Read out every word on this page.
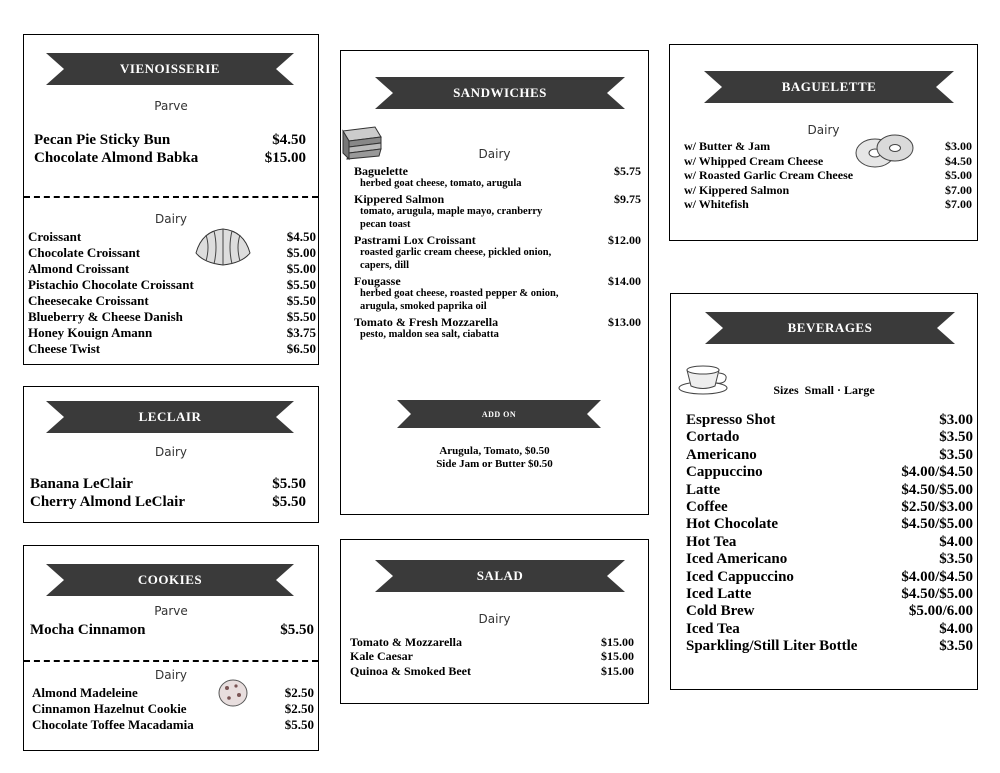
VIENOISSERIE
Parve
Pecan Pie Sticky Bun	$4.50
Chocolate Almond Babka	$15.00
Dairy
Croissant	$4.50
Chocolate Croissant	$5.00
Almond Croissant	$5.00
Pistachio Chocolate Croissant	$5.50
Cheesecake Croissant	$5.50
Blueberry & Cheese Danish	$5.50
Honey Kouign Amann	$3.75
Cheese Twist	$6.50
LECLAIR
Dairy
Banana LeClair	$5.50
Cherry Almond LeClair	$5.50
COOKIES
Parve
Mocha Cinnamon	$5.50
Dairy
Almond Madeleine	$2.50
Cinnamon Hazelnut Cookie	$2.50
Chocolate Toffee Macadamia	$5.50
SANDWICHES
Dairy
Baguelette	$5.75
herbed goat cheese, tomato, arugula
Kippered Salmon	$9.75
tomato, arugula, maple mayo, cranberry
pecan toast
Pastrami Lox Croissant	$12.00
roasted garlic cream cheese, pickled onion,
capers, dill
Fougasse	$14.00
herbed goat cheese, roasted pepper & onion,
arugula, smoked paprika oil
Tomato & Fresh Mozzarella	$13.00
pesto, maldon sea salt, ciabatta
ADD ON
Arugula, Tomato, $0.50
Side Jam or Butter $0.50
SALAD
Dairy
Tomato & Mozzarella	$15.00
Kale Caesar	$15.00
Quinoa & Smoked Beet	$15.00
BAGUELETTE
Dairy
w/ Butter & Jam	$3.00
w/ Whipped Cream Cheese	$4.50
w/ Roasted Garlic Cream Cheese	$5.00
w/ Kippered Salmon	$7.00
w/ Whitefish	$7.00
BEVERAGES
Sizes  Small · Large
Espresso Shot	$3.00
Cortado	$3.50
Americano	$3.50
Cappuccino	$4.00/$4.50
Latte	$4.50/$5.00
Coffee	$2.50/$3.00
Hot Chocolate	$4.50/$5.00
Hot Tea	$4.00
Iced Americano	$3.50
Iced Cappuccino	$4.00/$4.50
Iced Latte	$4.50/$5.00
Cold Brew	$5.00/6.00
Iced Tea	$4.00
Sparkling/Still Liter Bottle	$3.50
